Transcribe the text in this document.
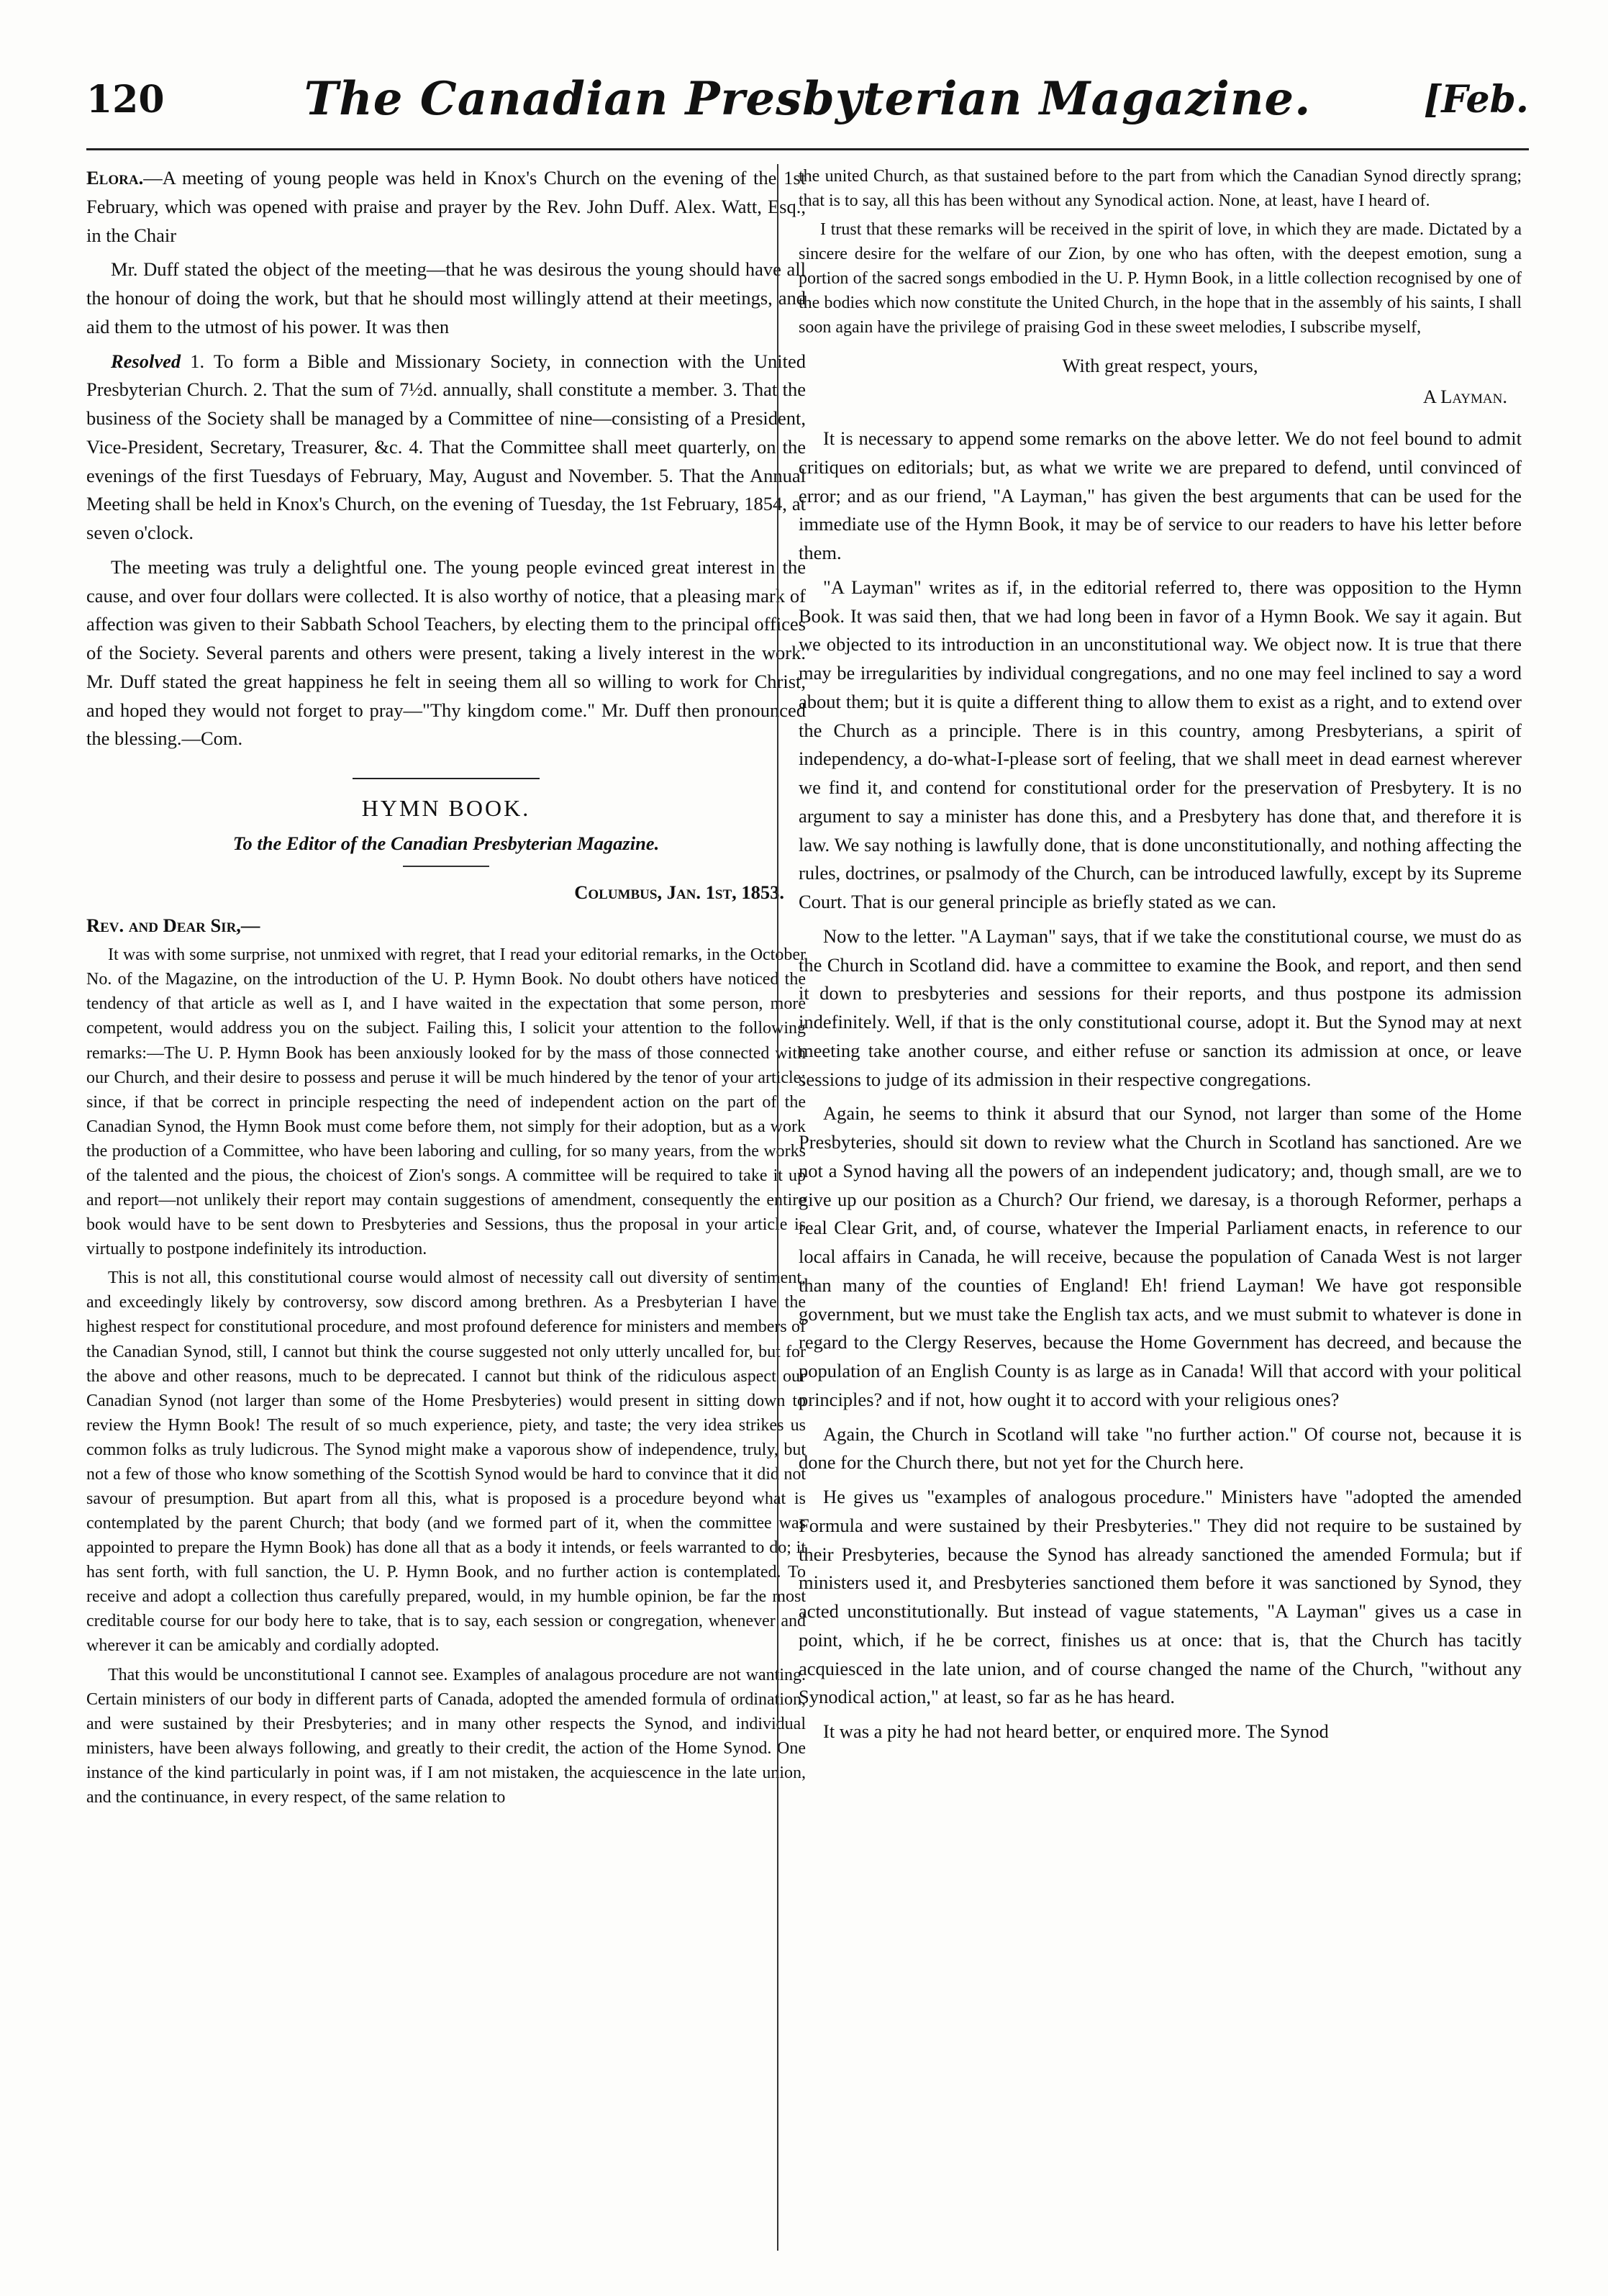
120	The Canadian Presbyterian Magazine.	[Feb.

Elora.—A meeting of young people was held in Knox's Church on the evening of the 1st February, which was opened with praise and prayer by the Rev. John Duff. Alex. Watt, Esq., in the Chair

Mr. Duff stated the object of the meeting—that he was desirous the young should have all the honour of doing the work, but that he should most willingly attend at their meetings, and aid them to the utmost of his power. It was then

Resolved 1. To form a Bible and Missionary Society, in connection with the United Presbyterian Church. 2. That the sum of 7½d. annually, shall constitute a member. 3. That the business of the Society shall be managed by a Committee of nine—consisting of a President, Vice-President, Secretary, Treasurer, &c. 4. That the Committee shall meet quarterly, on the evenings of the first Tuesdays of February, May, August and November. 5. That the Annual Meeting shall be held in Knox's Church, on the evening of Tuesday, the 1st February, 1854, at seven o'clock.

The meeting was truly a delightful one. The young people evinced great interest in the cause, and over four dollars were collected. It is also worthy of notice, that a pleasing mark of affection was given to their Sabbath School Teachers, by electing them to the principal offices of the Society. Several parents and others were present, taking a lively interest in the work. Mr. Duff stated the great happiness he felt in seeing them all so willing to work for Christ, and hoped they would not forget to pray—"Thy kingdom come." Mr. Duff then pronounced the blessing.—Com.

HYMN BOOK.
To the Editor of the Canadian Presbyterian Magazine.
Columbus, Jan. 1st, 1853.
Rev. and Dear Sir,—

It was with some surprise, not unmixed with regret, that I read your editorial remarks, in the October No. of the Magazine, on the introduction of the U. P. Hymn Book. No doubt others have noticed the tendency of that article as well as I, and I have waited in the expectation that some person, more competent, would address you on the subject. Failing this, I solicit your attention to the following remarks:—The U. P. Hymn Book has been anxiously looked for by the mass of those connected with our Church, and their desire to possess and peruse it will be much hindered by the tenor of your article; since, if that be correct in principle respecting the need of independent action on the part of the Canadian Synod, the Hymn Book must come before them, not simply for their adoption, but as a work the production of a Committee, who have been laboring and culling, for so many years, from the works of the talented and the pious, the choicest of Zion's songs. A committee will be required to take it up and report—not unlikely their report may contain suggestions of amendment, consequently the entire book would have to be sent down to Presbyteries and Sessions, thus the proposal in your article is virtually to postpone indefinitely its introduction.

This is not all, this constitutional course would almost of necessity call out diversity of sentiment, and exceedingly likely by controversy, sow discord among brethren. As a Presbyterian I have the highest respect for constitutional procedure, and most profound deference for ministers and members of the Canadian Synod, still, I cannot but think the course suggested not only utterly uncalled for, but for the above and other reasons, much to be deprecated. I cannot but think of the ridiculous aspect our Canadian Synod (not larger than some of the Home Presbyteries) would present in sitting down to review the Hymn Book! The result of so much experience, piety, and taste; the very idea strikes us common folks as truly ludicrous. The Synod might make a vaporous show of independence, truly, but not a few of those who know something of the Scottish Synod would be hard to convince that it did not savour of presumption. But apart from all this, what is proposed is a procedure beyond what is contemplated by the parent Church; that body (and we formed part of it, when the committee was appointed to prepare the Hymn Book) has done all that as a body it intends, or feels warranted to do; it has sent forth, with full sanction, the U. P. Hymn Book, and no further action is contemplated. To receive and adopt a collection thus carefully prepared, would, in my humble opinion, be far the most creditable course for our body here to take, that is to say, each session or congregation, whenever and wherever it can be amicably and cordially adopted.

That this would be unconstitutional I cannot see. Examples of analagous procedure are not wanting. Certain ministers of our body in different parts of Canada, adopted the amended formula of ordination, and were sustained by their Presbyteries; and in many other respects the Synod, and individual ministers, have been always following, and greatly to their credit, the action of the Home Synod. One instance of the kind particularly in point was, if I am not mistaken, the acquiescence in the late union, and the continuance, in every respect, of the same relation to

the united Church, as that sustained before to the part from which the Canadian Synod directly sprang; that is to say, all this has been without any Synodical action. None, at least, have I heard of.

I trust that these remarks will be received in the spirit of love, in which they are made. Dictated by a sincere desire for the welfare of our Zion, by one who has often, with the deepest emotion, sung a portion of the sacred songs embodied in the U. P. Hymn Book, in a little collection recognised by one of the bodies which now constitute the United Church, in the hope that in the assembly of his saints, I shall soon again have the privilege of praising God in these sweet melodies, I subscribe myself,

With great respect, yours,
A Layman.

It is necessary to append some remarks on the above letter. We do not feel bound to admit critiques on editorials; but, as what we write we are prepared to defend, until convinced of error; and as our friend, "A Layman," has given the best arguments that can be used for the immediate use of the Hymn Book, it may be of service to our readers to have his letter before them.

"A Layman" writes as if, in the editorial referred to, there was opposition to the Hymn Book. It was said then, that we had long been in favor of a Hymn Book. We say it again. But we objected to its introduction in an unconstitutional way. We object now. It is true that there may be irregularities by individual congregations, and no one may feel inclined to say a word about them; but it is quite a different thing to allow them to exist as a right, and to extend over the Church as a principle. There is in this country, among Presbyterians, a spirit of independency, a do-what-I-please sort of feeling, that we shall meet in dead earnest wherever we find it, and contend for constitutional order for the preservation of Presbytery. It is no argument to say a minister has done this, and a Presbytery has done that, and therefore it is law. We say nothing is lawfully done, that is done unconstitutionally, and nothing affecting the rules, doctrines, or psalmody of the Church, can be introduced lawfully, except by its Supreme Court. That is our general principle as briefly stated as we can.

Now to the letter. "A Layman" says, that if we take the constitutional course, we must do as the Church in Scotland did. have a committee to examine the Book, and report, and then send it down to presbyteries and sessions for their reports, and thus postpone its admission indefinitely. Well, if that is the only constitutional course, adopt it. But the Synod may at next meeting take another course, and either refuse or sanction its admission at once, or leave sessions to judge of its admission in their respective congregations.

Again, he seems to think it absurd that our Synod, not larger than some of the Home Presbyteries, should sit down to review what the Church in Scotland has sanctioned. Are we not a Synod having all the powers of an independent judicatory; and, though small, are we to give up our position as a Church? Our friend, we daresay, is a thorough Reformer, perhaps a real Clear Grit, and, of course, whatever the Imperial Parliament enacts, in reference to our local affairs in Canada, he will receive, because the population of Canada West is not larger than many of the counties of England! Eh! friend Layman! We have got responsible government, but we must take the English tax acts, and we must submit to whatever is done in regard to the Clergy Reserves, because the Home Government has decreed, and because the population of an English County is as large as in Canada! Will that accord with your political principles? and if not, how ought it to accord with your religious ones?

Again, the Church in Scotland will take "no further action." Of course not, because it is done for the Church there, but not yet for the Church here.

He gives us "examples of analogous procedure." Ministers have "adopted the amended Formula and were sustained by their Presbyteries." They did not require to be sustained by their Presbyteries, because the Synod has already sanctioned the amended Formula; but if ministers used it, and Presbyteries sanctioned them before it was sanctioned by Synod, they acted unconstitutionally. But instead of vague statements, "A Layman" gives us a case in point, which, if he be correct, finishes us at once: that is, that the Church has tacitly acquiesced in the late union, and of course changed the name of the Church, "without any Synodical action," at least, so far as he has heard.

It was a pity he had not heard better, or enquired more. The Synod
